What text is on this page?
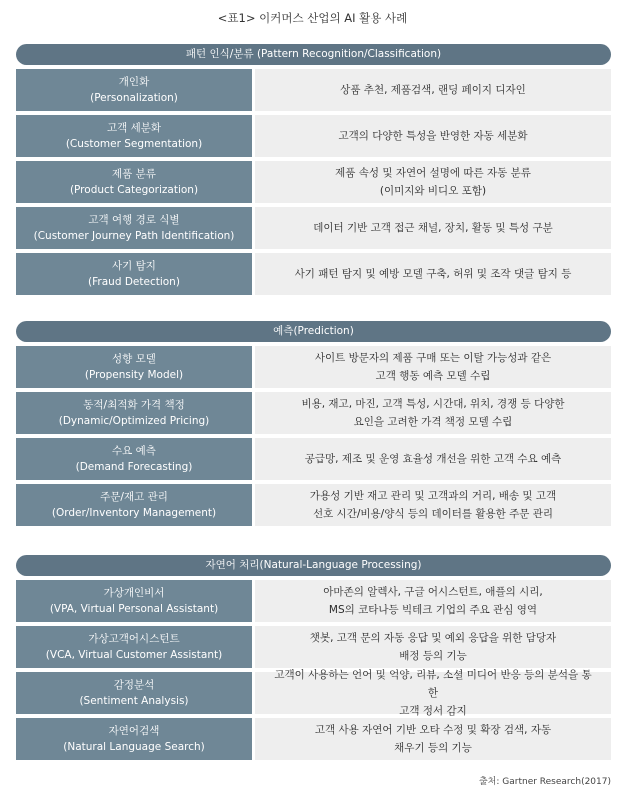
<표1> 이커머스 산업의 AI 활용 사례
패턴 인식/분류 (Pattern Recognition/Classification)
개인화
(Personalization)
상품 추천, 제품검색, 랜딩 페이지 디자인
고객 세분화
(Customer Segmentation)
고객의 다양한 특성을 반영한 자동 세분화
제품 분류
(Product Categorization)
제품 속성 및 자연어 설명에 따른 자동 분류
(이미지와 비디오 포함)
고객 여행 경로 식별
(Customer Journey Path Identification)
데이터 기반 고객 접근 채널, 장치, 활동 및 특성 구분
사기 탐지
(Fraud Detection)
사기 패턴 탐지 및 예방 모델 구축, 허위 및 조작 댓글 탐지 등
예측(Prediction)
성향 모델
(Propensity Model)
사이트 방문자의 제품 구매 또는 이탈 가능성과 같은
고객 행동 예측 모델 수립
동적/최적화 가격 책정
(Dynamic/Optimized Pricing)
비용, 재고, 마진, 고객 특성, 시간대, 위치, 경쟁 등 다양한
요인을 고려한 가격 책정 모델 수립
수요 예측
(Demand Forecasting)
공급망, 제조 및 운영 효율성 개선을 위한 고객 수요 예측
주문/재고 관리
(Order/Inventory Management)
가용성 기반 재고 관리 및 고객과의 거리, 배송 및 고객
선호 시간/비용/양식 등의 데이터를 활용한 주문 관리
자연어 처리(Natural-Language Processing)
가상개인비서
(VPA, Virtual Personal Assistant)
아마존의 알렉사, 구글 어시스턴트, 애플의 시리,
MS의 코타나등 빅테크 기업의 주요 관심 영역
가상고객어시스턴트
(VCA, Virtual Customer Assistant)
챗봇, 고객 문의 자동 응답 및 예외 응답을 위한 담당자
배정 등의 기능
감정분석
(Sentiment Analysis)
고객이 사용하는 언어 및 억양, 리뷰, 소셜 미디어 반응 등의 분석을 통한
고객 정서 감지
자연어검색
(Natural Language Search)
고객 사용 자연어 기반 오타 수정 및 확장 검색, 자동
채우기 등의 기능
출처: Gartner Research(2017)
